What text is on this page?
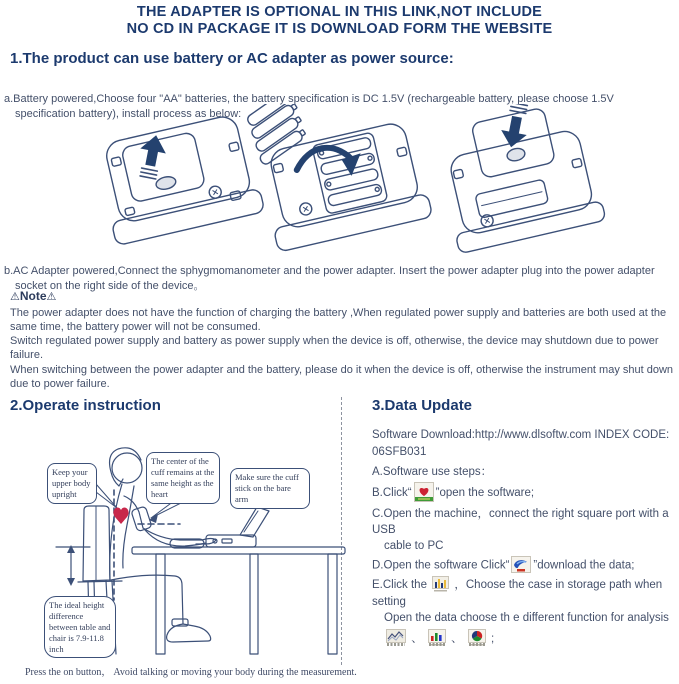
THE ADAPTER IS OPTIONAL IN THIS LINK,NOT INCLUDE
NO CD IN PACKAGE IT IS DOWNLOAD FORM THE WEBSITE
1.The product can use battery or AC adapter as power source:

a.Battery powered,Choose four "AA" batteries, the battery specification is DC 1.5V (rechargeable battery, please choose 1.5V specification battery), install process as below:

b.AC Adapter powered,Connect the sphygmomanometer and the power adapter. Insert the power adapter plug into the power adapter socket on the right side of the device。

⚠Note⚠

The power adapter does not have the function of charging the battery ,When regulated power supply and batteries are both used at the same time, the battery power will not be consumed.

Switch regulated power supply and battery as power supply when the device is off, otherwise, the device may shutdown due to power failure.

When switching between the power adapter and the battery, please do it when the device is off, otherwise the instrument may shut down due to power failure.

2.Operate instruction	3.Data Update
Keep your upper body upright
The center of the cuff remains at the same height as the heart
Make sure the cuff stick on the bare arm
The ideal height difference between table and chair is 7.9-11.8 inch
Press the on button， Avoid talking or moving your body during the measurement.
Software Download:http://www.dlsoftw.com INDEX CODE:
06SFB031
A.Software use steps：
B.Click“ ”open the software;
C.Open the machine，connect the right square port with a USB
cable to PC
D.Open the software Click“ ”download the data;
E.Click the ，Choose the case in storage path when setting
Open the data choose th e different function for analysis
、 、 ;
